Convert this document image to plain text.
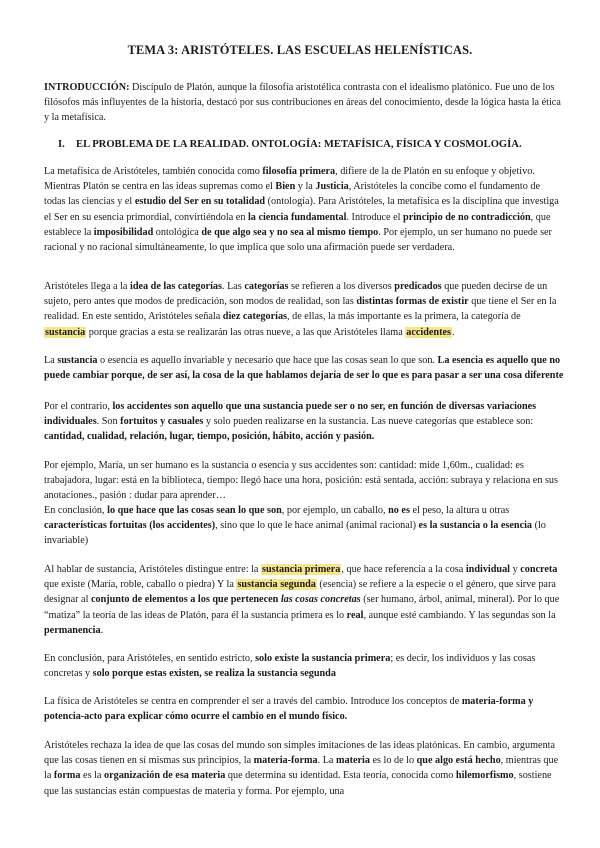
TEMA 3: ARISTÓTELES. LAS ESCUELAS HELENÍSTICAS.

INTRODUCCIÓN: Discípulo de Platón, aunque la filosofía aristotélica contrasta con el idealismo platónico. Fue uno de los filósofos más influyentes de la historia, destacó por sus contribuciones en áreas del conocimiento, desde la lógica hasta la ética y la metafísica.

I. EL PROBLEMA DE LA REALIDAD. ONTOLOGÍA: METAFÍSICA, FÍSICA Y COSMOLOGÍA.

La metafísica de Aristóteles, también conocida como filosofía primera, difiere de la de Platón en su enfoque y objetivo. Mientras Platón se centra en las ideas supremas como el Bien y la Justicia, Aristóteles la concibe como el fundamento de todas las ciencias y el estudio del Ser en su totalidad (ontología). Para Aristóteles, la metafísica es la disciplina que investiga el Ser en su esencia primordial, convirtiéndola en la ciencia fundamental. Introduce el principio de no contradicción, que establece la imposibilidad ontológica de que algo sea y no sea al mismo tiempo. Por ejemplo, un ser humano no puede ser racional y no racional simultáneamente, lo que implica que solo una afirmación puede ser verdadera.

Aristóteles llega a la idea de las categorías. Las categorías se refieren a los diversos predicados que pueden decirse de un sujeto, pero antes que modos de predicación, son modos de realidad, son las distintas formas de existir que tiene el Ser en la realidad. En este sentido, Aristóteles señala diez categorías, de ellas, la más importante es la primera, la categoría de sustancia porque gracias a esta se realizarán las otras nueve, a las que Aristóteles llama accidentes.

La sustancia o esencia es aquello invariable y necesario que hace que las cosas sean lo que son. La esencia es aquello que no puede cambiar porque, de ser así, la cosa de la que hablamos dejaría de ser lo que es para pasar a ser una cosa diferente

Por el contrario, los accidentes son aquello que una sustancia puede ser o no ser, en función de diversas variaciones individuales. Son fortuitos y casuales y solo pueden realizarse en la sustancia. Las nueve categorías que establece son: cantidad, cualidad, relación, lugar, tiempo, posición, hábito, acción y pasión.

Por ejemplo, María, un ser humano es la sustancia o esencia y sus accidentes son: cantidad: mide 1,60m., cualidad: es trabajadora, lugar: está en la biblioteca, tiempo: llegó hace una hora, posición: está sentada, acción: subraya y relaciona en sus anotaciones., pasión : dudar para aprender…

En conclusión, lo que hace que las cosas sean lo que son, por ejemplo, un caballo, no es el peso, la altura u otras características fortuitas (los accidentes), sino que lo que le hace animal (animal racional) es la sustancia o la esencia (lo invariable)

Al hablar de sustancia, Aristóteles distingue entre: la sustancia primera, que hace referencia a la cosa individual y concreta que existe (María, roble, caballo o piedra) Y la sustancia segunda (esencia) se refiere a la especie o el género, que sirve para designar al conjunto de elementos a los que pertenecen las cosas concretas (ser humano, árbol, animal, mineral). Por lo que “matiza” la teoría de las ideas de Platón, para él la sustancia primera es lo real, aunque esté cambiando. Y las segundas son la permanencia.

En conclusión, para Aristóteles, en sentido estricto, solo existe la sustancia primera; es decir, los individuos y las cosas concretas y solo porque estas existen, se realiza la sustancia segunda

La física de Aristóteles se centra en comprender el ser a través del cambio. Introduce los conceptos de materia-forma y potencia-acto para explicar cómo ocurre el cambio en el mundo físico.

Aristóteles rechaza la idea de que las cosas del mundo son simples imitaciones de las ideas platónicas. En cambio, argumenta que las cosas tienen en sí mismas sus principios, la materia-forma. La materia es lo de lo que algo está hecho, mientras que la forma es la organización de esa materia que determina su identidad. Esta teoría, conocida como hilemorfismo, sostiene que las sustancias están compuestas de materia y forma. Por ejemplo, una
